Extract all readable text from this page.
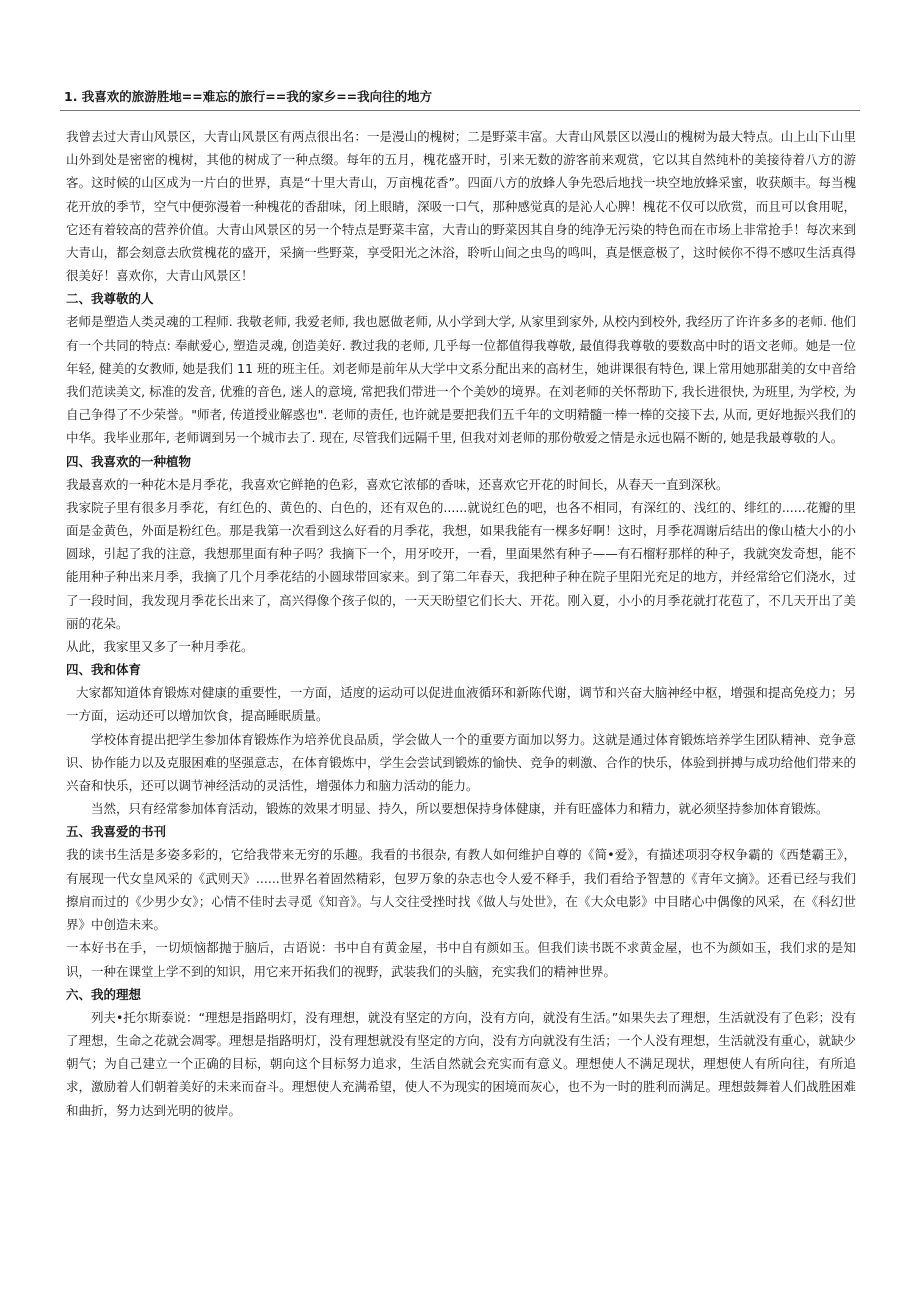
1. 我喜欢的旅游胜地==难忘的旅行==我的家乡==我向往的地方

我曾去过大青山风景区，大青山风景区有两点很出名：一是漫山的槐树；二是野菜丰富。大青山风景区以漫山的槐树为最大特点。山上山下山里山外到处是密密的槐树，其他的树成了一种点缀。每年的五月，槐花盛开时，引来无数的游客前来观赏，它以其自然纯朴的美接待着八方的游客。这时候的山区成为一片白的世界，真是“十里大青山，万亩槐花香”。四面八方的放蜂人争先恐后地找一块空地放蜂采蜜，收获颇丰。每当槐花开放的季节，空气中便弥漫着一种槐花的香甜味，闭上眼睛，深吸一口气，那种感觉真的是沁人心脾！槐花不仅可以欣赏，而且可以食用呢，它还有着较高的营养价值。大青山风景区的另一个特点是野菜丰富，大青山的野菜因其自身的纯净无污染的特色而在市场上非常抢手！每次来到大青山，都会刻意去欣赏槐花的盛开，采摘一些野菜，享受阳光之沐浴，聆听山间之虫鸟的鸣叫，真是惬意极了，这时候你不得不感叹生活真得很美好！喜欢你，大青山风景区！

二、我尊敬的人

老师是塑造人类灵魂的工程师. 我敬老师, 我爱老师, 我也愿做老师, 从小学到大学, 从家里到家外, 从校内到校外, 我经历了许许多多的老师. 他们有一个共同的特点: 奉献爱心, 塑造灵魂, 创造美好. 教过我的老师, 几乎每一位都值得我尊敬, 最值得我尊敬的要数高中时的语文老师。她是一位年轻, 健美的女教师, 她是我们 11 班的班主任。刘老师是前年从大学中文系分配出来的高材生，她讲课很有特色, 课上常用她那甜美的女中音给我们范读美文, 标准的发音, 优雅的音色, 迷人的意境, 常把我们带进一个个美妙的境界。在刘老师的关怀帮助下, 我长进很快, 为班里, 为学校, 为自己争得了不少荣誉。"师者, 传道授业解惑也". 老师的责任, 也许就是要把我们五千年的文明精髓一棒一棒的交接下去, 从而, 更好地振兴我们的中华。我毕业那年, 老师调到另一个城市去了. 现在, 尽管我们远隔千里, 但我对刘老师的那份敬爱之情是永远也隔不断的, 她是我最尊敬的人。

四、我喜欢的一种植物

我最喜欢的一种花木是月季花，我喜欢它鲜艳的色彩，喜欢它浓郁的香味，还喜欢它开花的时间长，从春天一直到深秋。

我家院子里有很多月季花，有红色的、黄色的、白色的，还有双色的......就说红色的吧，也各不相同，有深红的、浅红的、绯红的......花瓣的里面是金黄色，外面是粉红色。那是我第一次看到这么好看的月季花，我想，如果我能有一棵多好啊！这时，月季花凋谢后结出的像山楂大小的小圆球，引起了我的注意，我想那里面有种子吗？我摘下一个，用牙咬开，一看，里面果然有种子——有石榴籽那样的种子，我就突发奇想，能不能用种子种出来月季，我摘了几个月季花结的小圆球带回家来。到了第二年春天，我把种子种在院子里阳光充足的地方，并经常给它们浇水，过了一段时间，我发现月季花长出来了，高兴得像个孩子似的，一天天盼望它们长大、开花。刚入夏，小小的月季花就打花苞了，不几天开出了美丽的花朵。

从此，我家里又多了一种月季花。

四、我和体育

大家都知道体育锻炼对健康的重要性，一方面，适度的运动可以促进血液循环和新陈代谢，调节和兴奋大脑神经中枢，增强和提高免疫力；另一方面，运动还可以增加饮食，提高睡眠质量。

学校体育提出把学生参加体育锻炼作为培养优良品质，学会做人一个的重要方面加以努力。这就是通过体育锻炼培养学生团队精神、竞争意识、协作能力以及克服困难的坚强意志，在体育锻炼中，学生会尝试到锻炼的愉快、竞争的刺激、合作的快乐，体验到拼搏与成功给他们带来的兴奋和快乐，还可以调节神经活动的灵活性，增强体力和脑力活动的能力。

当然，只有经常参加体育活动，锻炼的效果才明显、持久，所以要想保持身体健康，并有旺盛体力和精力，就必须坚持参加体育锻炼。

五、我喜爱的书刊

我的读书生活是多姿多彩的，它给我带来无穷的乐趣。我看的书很杂, 有教人如何维护自尊的《简•爱》，有描述项羽夺权争霸的《西楚霸王》，有展现一代女皇风采的《武则天》......世界名着固然精彩，包罗万象的杂志也令人爱不释手，我们看给予智慧的《青年文摘》。还看已经与我们擦肩而过的《少男少女》；心情不佳时去寻觅《知音》。与人交往受挫时找《做人与处世》，在《大众电影》中目睹心中偶像的风采，在《科幻世界》中创造未来。

一本好书在手，一切烦恼都抛于脑后，古语说：书中自有黄金屋，书中自有颜如玉。但我们读书既不求黄金屋，也不为颜如玉，我们求的是知识，一种在课堂上学不到的知识，用它来开拓我们的视野，武装我们的头脑，充实我们的精神世界。

六、我的理想

列夫•托尔斯泰说：“理想是指路明灯，没有理想，就没有坚定的方向，没有方向，就没有生活。”如果失去了理想，生活就没有了色彩；没有了理想，生命之花就会凋零。理想是指路明灯，没有理想就没有坚定的方向，没有方向就没有生活；一个人没有理想，生活就没有重心，就缺少朝气；为自己建立一个正确的目标，朝向这个目标努力追求，生活自然就会充实而有意义。理想使人不满足现状，理想使人有所向往，有所追求，激励着人们朝着美好的未来而奋斗。理想使人充满希望，使人不为现实的困境而灰心，也不为一时的胜利而满足。理想鼓舞着人们战胜困难和曲折，努力达到光明的彼岸。
